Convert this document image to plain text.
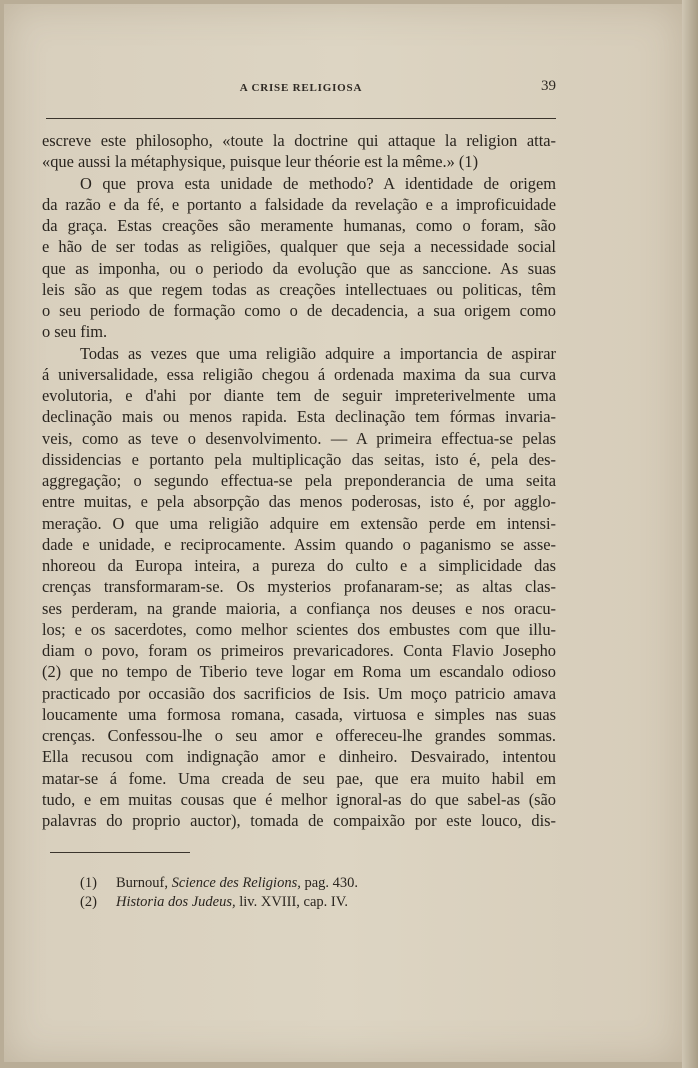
A CRISE RELIGIOSA	39
escreve este philosopho, «toute la doctrine qui attaque la religion atta-
«que aussi la métaphysique, puisque leur théorie est la même.» (1)
O que prova esta unidade de methodo? A identidade de origem
da razão e da fé, e portanto a falsidade da revelação e a improficuidade
da graça. Estas creações são meramente humanas, como o foram, são
e hão de ser todas as religiões, qualquer que seja a necessidade social
que as imponha, ou o periodo da evolução que as sanccione. As suas
leis são as que regem todas as creações intellectuaes ou politicas, têm
o seu periodo de formação como o de decadencia, a sua origem como
o seu fim.
Todas as vezes que uma religião adquire a importancia de aspirar
á universalidade, essa religião chegou á ordenada maxima da sua curva
evolutoria, e d'ahi por diante tem de seguir impreterivelmente uma
declinação mais ou menos rapida. Esta declinação tem fórmas invaria-
veis, como as teve o desenvolvimento. — A primeira effectua-se pelas
dissidencias e portanto pela multiplicação das seitas, isto é, pela des-
aggregação; o segundo effectua-se pela preponderancia de uma seita
entre muitas, e pela absorpção das menos poderosas, isto é, por agglo-
meração. O que uma religião adquire em extensão perde em intensi-
dade e unidade, e reciprocamente. Assim quando o paganismo se asse-
nhoreou da Europa inteira, a pureza do culto e a simplicidade das
crenças transformaram-se. Os mysterios profanaram-se; as altas clas-
ses perderam, na grande maioria, a confiança nos deuses e nos oracu-
los; e os sacerdotes, como melhor scientes dos embustes com que illu-
diam o povo, foram os primeiros prevaricadores. Conta Flavio Josepho
(2) que no tempo de Tiberio teve logar em Roma um escandalo odioso
practicado por occasião dos sacrificios de Isis. Um moço patricio amava
loucamente uma formosa romana, casada, virtuosa e simples nas suas
crenças. Confessou-lhe o seu amor e offereceu-lhe grandes sommas.
Ella recusou com indignação amor e dinheiro. Desvairado, intentou
matar-se á fome. Uma creada de seu pae, que era muito habil em
tudo, e em muitas cousas que é melhor ignoral-as do que sabel-as (são
palavras do proprio auctor), tomada de compaixão por este louco, dis-
(1) Burnouf, Science des Religions, pag. 430.
(2) Historia dos Judeus, liv. XVIII, cap. IV.
